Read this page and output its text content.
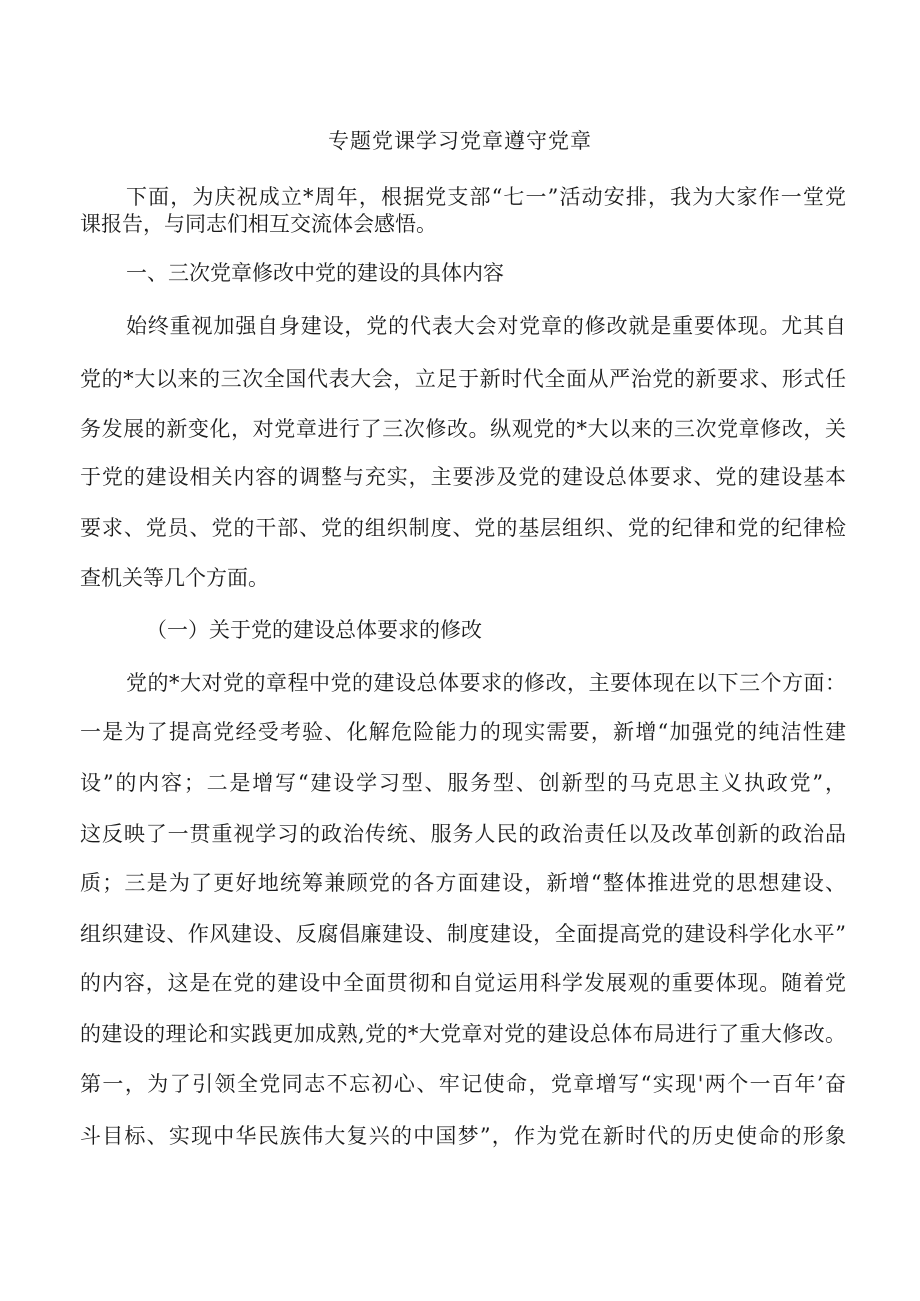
专题党课学习党章遵守党章
下面，为庆祝成立*周年，根据党支部“七一”活动安排，我为大家作一堂党
课报告，与同志们相互交流体会感悟。
一、三次党章修改中党的建设的具体内容
始终重视加强自身建设，党的代表大会对党章的修改就是重要体现。尤其自
党的*大以来的三次全国代表大会，立足于新时代全面从严治党的新要求、形式任
务发展的新变化，对党章进行了三次修改。纵观党的*大以来的三次党章修改，关
于党的建设相关内容的调整与充实，主要涉及党的建设总体要求、党的建设基本
要求、党员、党的干部、党的组织制度、党的基层组织、党的纪律和党的纪律检
查机关等几个方面。
（一）关于党的建设总体要求的修改
党的*大对党的章程中党的建设总体要求的修改，主要体现在以下三个方面：
一是为了提高党经受考验、化解危险能力的现实需要，新增“加强党的纯洁性建
设”的内容；二是增写“建设学习型、服务型、创新型的马克思主义执政党”，
这反映了一贯重视学习的政治传统、服务人民的政治责任以及改革创新的政治品
质；三是为了更好地统筹兼顾党的各方面建设，新增“整体推进党的思想建设、
组织建设、作风建设、反腐倡廉建设、制度建设，全面提高党的建设科学化水平”
的内容，这是在党的建设中全面贯彻和自觉运用科学发展观的重要体现。随着党
的建设的理论和实践更加成熟,党的*大党章对党的建设总体布局进行了重大修改。
第一，为了引领全党同志不忘初心、牢记使命，党章增写“实现'两个一百年’奋
斗目标、实现中华民族伟大复兴的中国梦”，作为党在新时代的历史使命的形象
